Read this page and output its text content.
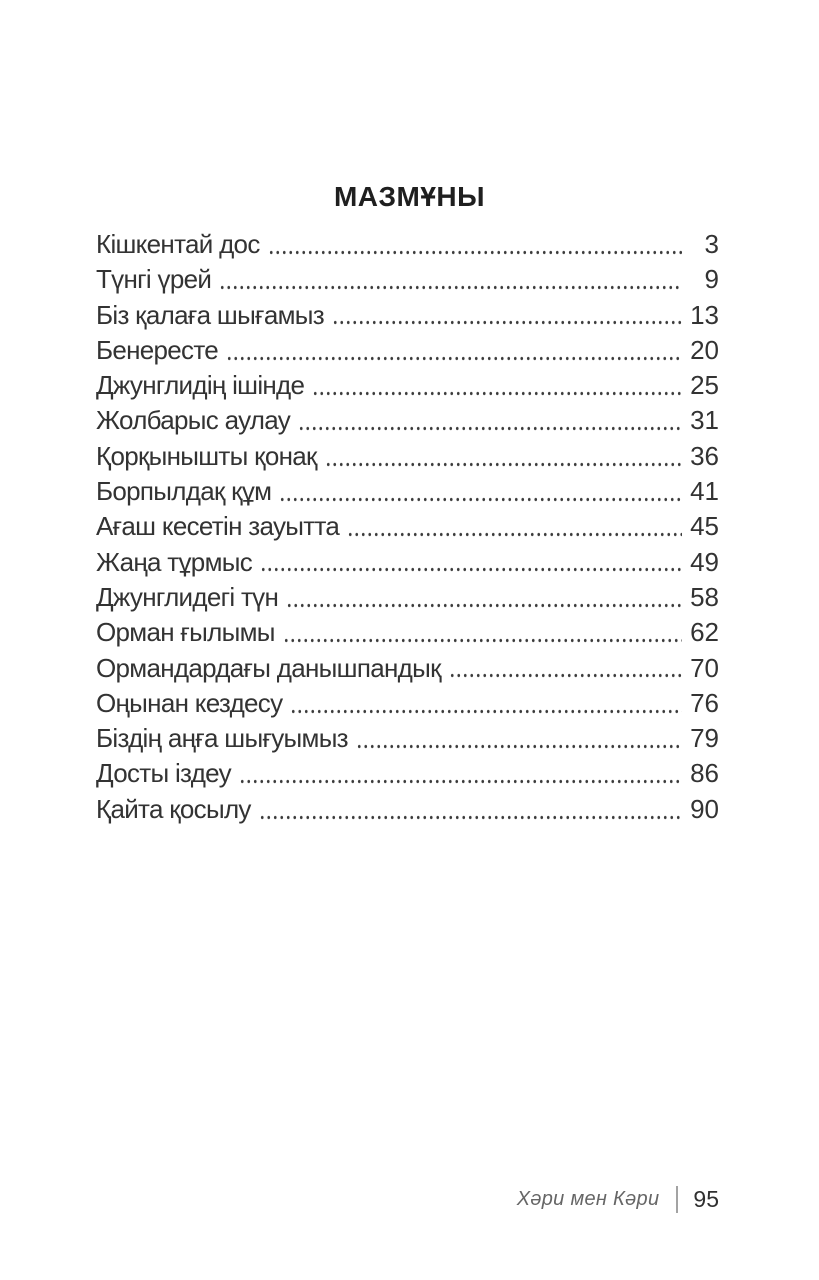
МАЗМҰНЫ
Кішкентай дос	3
Түнгі үрей	9
Біз қалаға шығамыз	13
Бенересте	20
Джунглидің ішінде	25
Жолбарыс аулау	31
Қорқынышты қонақ	36
Борпылдақ құм	41
Ағаш кесетін зауытта	45
Жаңа тұрмыс	49
Джунглидегі түн	58
Орман ғылымы	62
Ормандардағы данышпандық	70
Оңынан кездесу	76
Біздің аңға шығуымыз	79
Досты іздеу	86
Қайта қосылу	90
Хәри мен Кәри 95
